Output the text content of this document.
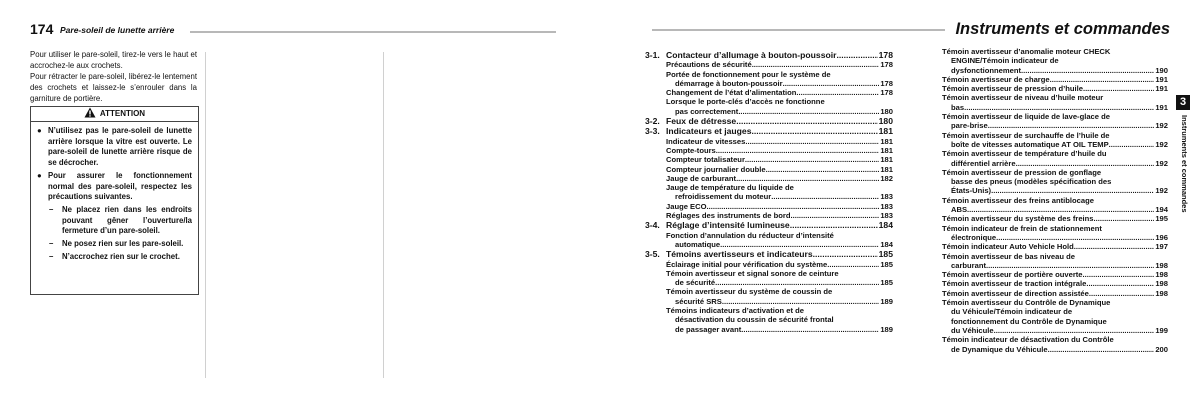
174 Pare-soleil de lunette arrière

Pour utiliser le pare-soleil, tirez-le vers le haut et accrochez-le aux crochets.

Pour rétracter le pare-soleil, libérez-le lentement des crochets et laissez-le s’enrouler dans la garniture de portière.

ATTENTION
● N’utilisez pas le pare-soleil de lunette arrière lorsque la vitre est ouverte. Le pare-soleil de lunette arrière risque de se décrocher.
● Pour assurer le fonctionnement normal des pare-soleil, respectez les précautions suivantes.
– Ne placez rien dans les endroits pouvant gêner l’ouverture/la fermeture d’un pare-soleil.
– Ne posez rien sur les pare-soleil.
– N’accrochez rien sur le crochet.
Instruments et commandes
3-1. Contacteur d’allumage à bouton-poussoir .....	178
Précautions de sécurité .....	178
Portée de fonctionnement pour le système de
démarrage à bouton-poussoir .....	178
Changement de l’état d’alimentation .....	178
Lorsque le porte-clés d’accès ne fonctionne
pas correctement .....	180
3-2. Feux de détresse .....	180
3-3. Indicateurs et jauges .....	181
Indicateur de vitesses .....	181
Compte-tours .....	181
Compteur totalisateur .....	181
Compteur journalier double .....	181
Jauge de carburant .....	182
Jauge de température du liquide de
refroidissement du moteur .....	183
Jauge ECO .....	183
Réglages des instruments de bord .....	183
3-4. Réglage d’intensité lumineuse .....	184
Fonction d’annulation du réducteur d’intensité
automatique .....	184
3-5. Témoins avertisseurs et indicateurs .....	185
Éclairage initial pour vérification du système .....	185
Témoin avertisseur et signal sonore de ceinture
de sécurité .....	185
Témoin avertisseur du système de coussin de
sécurité SRS .....	189
Témoins indicateurs d’activation et de
désactivation du coussin de sécurité frontal
de passager avant .....	189
Témoin avertisseur d’anomalie moteur CHECK
ENGINE/Témoin indicateur de
dysfonctionnement .....	190
Témoin avertisseur de charge .....	191
Témoin avertisseur de pression d’huile .....	191
Témoin avertisseur de niveau d’huile moteur
bas .....	191
Témoin avertisseur de liquide de lave-glace de
pare-brise .....	192
Témoin avertisseur de surchauffe de l’huile de
boîte de vitesses automatique AT OIL TEMP .....	192
Témoin avertisseur de température d’huile du
différentiel arrière .....	192
Témoin avertisseur de pression de gonflage
basse des pneus (modèles spécification des
États-Unis) .....	192
Témoin avertisseur des freins antiblocage
ABS .....	194
Témoin avertisseur du système des freins .....	195
Témoin indicateur de frein de stationnement
électronique .....	196
Témoin indicateur Auto Vehicle Hold .....	197
Témoin avertisseur de bas niveau de
carburant .....	198
Témoin avertisseur de portière ouverte .....	198
Témoin avertisseur de traction intégrale .....	198
Témoin avertisseur de direction assistée .....	198
Témoin avertisseur du Contrôle de Dynamique
du Véhicule/Témoin indicateur de
fonctionnement du Contrôle de Dynamique
du Véhicule .....	199
Témoin indicateur de désactivation du Contrôle
de Dynamique du Véhicule .....	200
3
Instruments et commandes
